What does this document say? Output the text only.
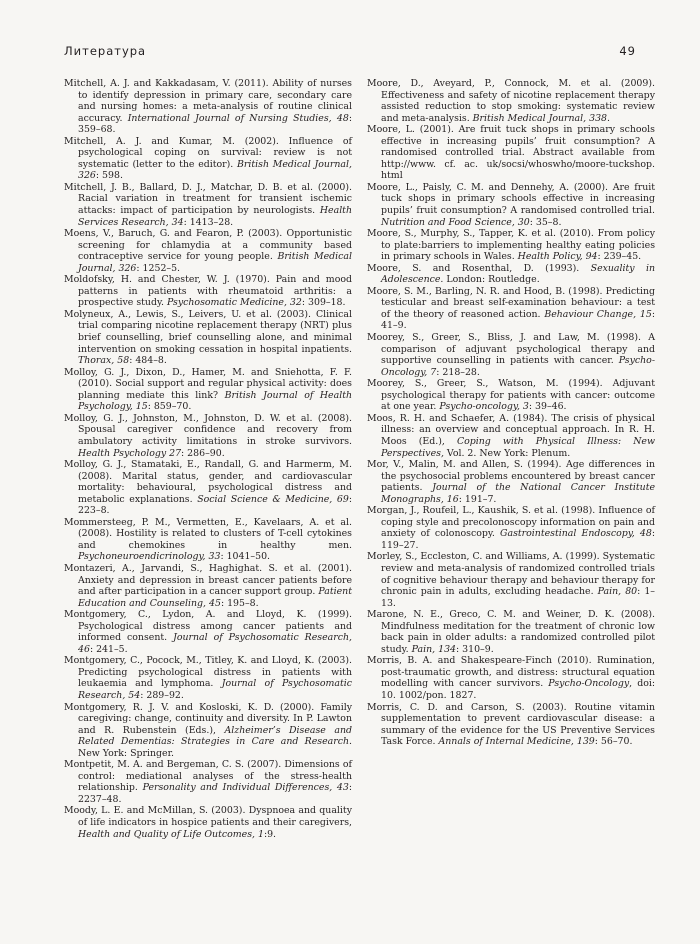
Литература	49

Mitchell, A. J. and Kakkadasam, V. (2011). Ability of nurses to identify depression in primary care, secondary care and nursing homes: a meta-analysis of routine clinical accuracy. International Journal of Nursing Studies, 48: 359–68.

Mitchell, A. J. and Kumar, M. (2002). Influence of psychological coping on survival: review is not systematic (letter to the editor). British Medical Journal, 326: 598.

Mitchell, J. B., Ballard, D. J., Matchar, D. B. et al. (2000). Racial variation in treatment for transient ischemic attacks: impact of participation by neurologists. Health Services Research, 34: 1413–28.

Moens, V., Baruch, G. and Fearon, P. (2003). Opportunistic screening for chlamydia at a community based contraceptive service for young people. British Medical Journal, 326: 1252–5.

Moldofsky, H. and Chester, W. J. (1970). Pain and mood patterns in patients with rheumatoid arthritis: a prospective study. Psychosomatic Medicine, 32: 309–18.

Molyneux, A., Lewis, S., Leivers, U. et al. (2003). Clinical trial comparing nicotine replacement therapy (NRT) plus brief counselling, brief counselling alone, and minimal intervention on smoking cessation in hospital inpatients. Thorax, 58: 484–8.

Molloy, G. J., Dixon, D., Hamer, M. and Sniehotta, F. F. (2010). Social support and regular physical activity: does planning mediate this link? British Journal of Health Psychology, 15: 859–70.

Molloy, G. J., Johnston, M., Johnston, D. W. et al. (2008). Spousal caregiver confidence and recovery from ambulatory activity limitations in stroke survivors. Health Psychology 27: 286–90.

Molloy, G. J., Stamataki, E., Randall, G. and Harmerm, M. (2008). Marital status, gender, and cardiovascular mortality: behavioural, psychological distress and metabolic explanations. Social Science & Medicine, 69: 223–8.

Mommersteeg, P. M., Vermetten, E., Kavelaars, A. et al. (2008). Hostility is related to clusters of T-cell cytokines and chemokines in healthy men. Psychoneuroendicrinology, 33: 1041–50.

Montazeri, A., Jarvandi, S., Haghighat. S. et al. (2001). Anxiety and depression in breast cancer patients before and after participation in a cancer support group. Patient Education and Counseling, 45: 195–8.

Montgomery, C., Lydon, A. and Lloyd, K. (1999). Psychological distress among cancer patients and informed consent. Journal of Psychosomatic Research, 46: 241–5.

Montgomery, C., Pocock, M., Titley, K. and Lloyd, K. (2003). Predicting psychological distress in patients with leukaemia and lymphoma. Journal of Psychosomatic Research, 54: 289–92.

Montgomery, R. J. V. and Kosloski, K. D. (2000). Family caregiving: change, continuity and diversity. In P. Lawton and R. Rubenstein (Eds.), Alzheimer’s Disease and Related Dementias: Strategies in Care and Research. New York: Springer.

Montpetit, M. A. and Bergeman, C. S. (2007). Dimensions of control: mediational analyses of the stress-health relationship. Personality and Individual Differences, 43: 2237–48.

Moody, L. E. and McMillan, S. (2003). Dyspnoea and quality of life indicators in hospice patients and their caregivers, Health and Quality of Life Outcomes, 1:9.

Moore, D., Aveyard, P., Connock, M. et al. (2009). Effectiveness and safety of nicotine replacement therapy assisted reduction to stop smoking: systematic review and meta-analysis. British Medical Journal, 338.

Moore, L. (2001). Are fruit tuck shops in primary schools effective in increasing pupils’ fruit consumption? A randomised controlled trial. Abstract available from http://www. cf. ac. uk/socsi/whoswho/moore-tuckshop. html

Moore, L., Paisly, C. M. and Dennehy, A. (2000). Are fruit tuck shops in primary schools effective in increasing pupils’ fruit consumption? A randomised controlled trial. Nutrition and Food Science, 30: 35–8.

Moore, S., Murphy, S., Tapper, K. et al. (2010). From policy to plate:barriers to implementing healthy eating policies in primary schools in Wales. Health Policy, 94: 239–45.

Moore, S. and Rosenthal, D. (1993). Sexuality in Adolescence. London: Routledge.

Moore, S. M., Barling, N. R. and Hood, B. (1998). Predicting testicular and breast self-examination behaviour: a test of the theory of reasoned action. Behaviour Change, 15: 41–9.

Moorey, S., Greer, S., Bliss, J. and Law, M. (1998). A comparison of adjuvant psychological therapy and supportive counselling in patients with cancer. Psycho-Oncology, 7: 218–28.

Moorey, S., Greer, S., Watson, M. (1994). Adjuvant psychological therapy for patients with cancer: outcome at one year. Psycho-oncology, 3: 39–46.

Moos, R. H. and Schaefer, A. (1984). The crisis of physical illness: an overview and conceptual approach. In R. H. Moos (Ed.), Coping with Physical Illness: New Perspectives, Vol. 2. New York: Plenum.

Mor, V., Malin, M. and Allen, S. (1994). Age differences in the psychosocial problems encountered by breast cancer patients. Journal of the National Cancer Institute Monographs, 16: 191–7.

Morgan, J., Roufeil, L., Kaushik, S. et al. (1998). Influence of coping style and precolonoscopy information on pain and anxiety of colonoscopy. Gastrointestinal Endoscopy, 48: 119–27.

Morley, S., Eccleston, C. and Williams, A. (1999). Systematic review and meta-analysis of randomized controlled trials of cognitive behaviour therapy and behaviour therapy for chronic pain in adults, excluding headache. Pain, 80: 1–13.

Marone, N. E., Greco, C. M. and Weiner, D. K. (2008). Mindfulness meditation for the treatment of chronic low back pain in older adults: a randomized controlled pilot study. Pain, 134: 310–9.

Morris, B. A. and Shakespeare-Finch (2010). Rumination, post-traumatic growth, and distress: structural equation modelling with cancer survivors. Psycho-Oncology, doi: 10. 1002/pon. 1827.

Morris, C. D. and Carson, S. (2003). Routine vitamin supplementation to prevent cardiovascular disease: a summary of the evidence for the US Preventive Services Task Force. Annals of Internal Medicine, 139: 56–70.
